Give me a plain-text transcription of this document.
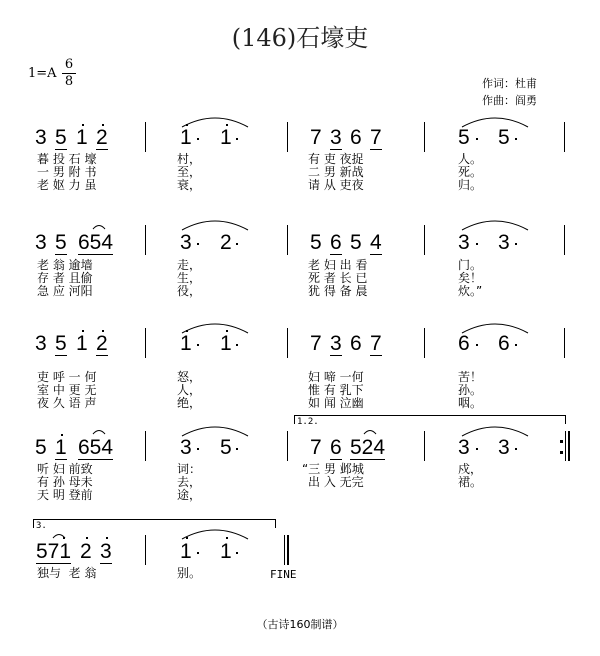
(146)石壕吏
1=A
6
8	作词：杜甫
作曲：阎勇
3 5 1 2	1 1	7 3 6 7	5 5
暮 投 石 壕
一 男 附 书
老 妪 力 虽
村，
至，
衰，
有 吏 夜捉
二 男 新战
请 从 吏夜
人。
死。
归。
3 5 654	3 2	5 6 5 4	3 3
老 翁 逾墙
存 者 且偷
急 应 河阳
走，
生，
役，
老 妇 出 看
死 者 长 已
犹 得 备 晨
门。
矣！
炊。”
3 5 1 2	1 1	7 3 6 7	6 6
吏 呼 一 何
室 中 更 无
夜 久 语 声
怒，
人，
绝，
妇 啼 一何
惟 有 乳下
如 闻 泣幽
苦！
孙。
咽。
1.2.
5 1 654	3 5	7 6 524	3 3
听 妇 前致
有 孙 母未
天 明 登前
词：
去，
途，
“三 男 邺城
出 入 无完
戍，
裙。
3.
571 2 3	1 1
FINE
独与  老 翁	别。
（古诗160制谱）
